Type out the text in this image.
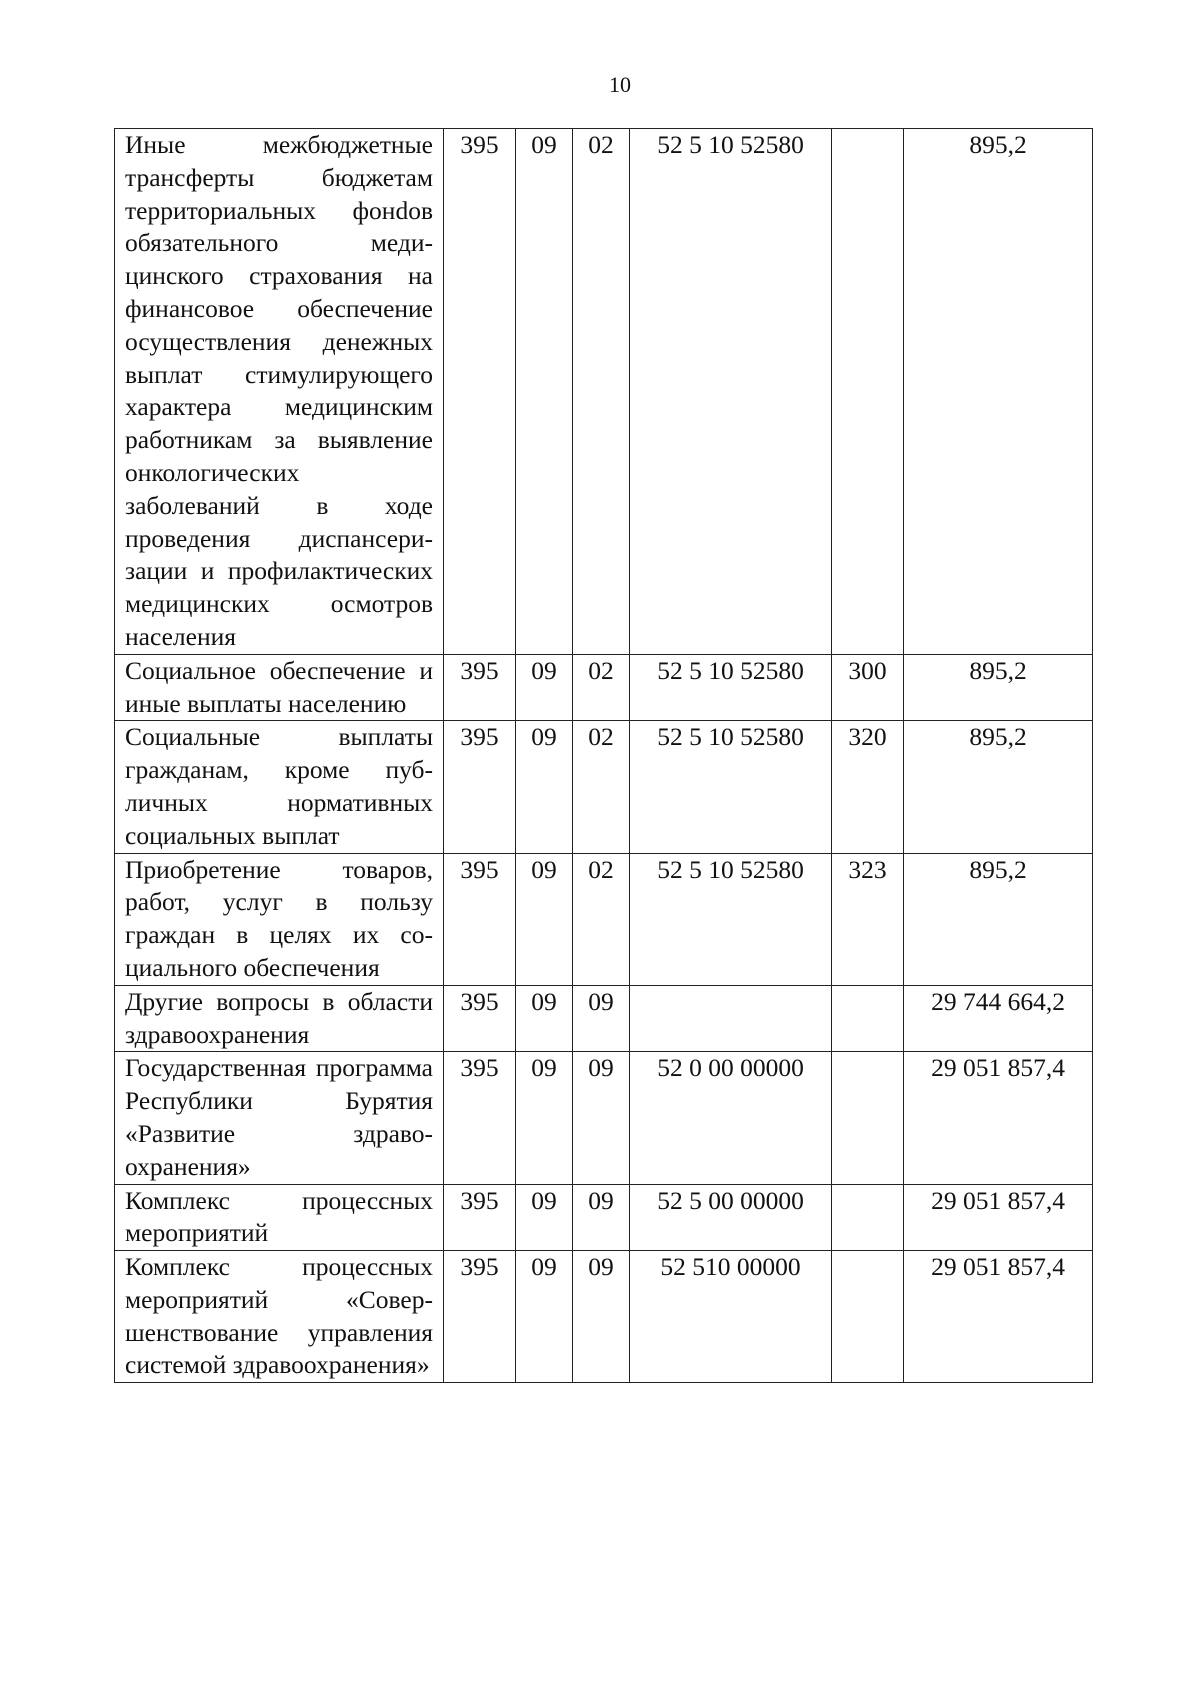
10
Иные межбюджетные трансферты бюджетам территориальных фонdов обязательного медицинского страхования на финансовое обеспечение осуществления денежных выплат стимулирующего характера медицинским работникам за выявление онкологических заболеваний в ходе проведения диспансеризации и профилактических медицинских осмотров населения	395	09	02	52 5 10 52580		895,2
Социальное обеспечение и иные выплаты населению	395	09	02	52 5 10 52580	300	895,2
Социальные выплаты гражданам, кроме публичных нормативных социальных выплат	395	09	02	52 5 10 52580	320	895,2
Приобретение товаров, работ, услуг в пользу граждан в целях их социального обеспечения	395	09	02	52 5 10 52580	323	895,2
Другие вопросы в области здравоохранения	395	09	09			29 744 664,2
Государственная программа Республики Бурятия «Развитие здравоохранения»	395	09	09	52 0 00 00000		29 051 857,4
Комплекс процессных мероприятий	395	09	09	52 5 00 00000		29 051 857,4
Комплекс процессных мероприятий «Совершенствование управления системой здравоохранения»	395	09	09	52 510 00000		29 051 857,4
